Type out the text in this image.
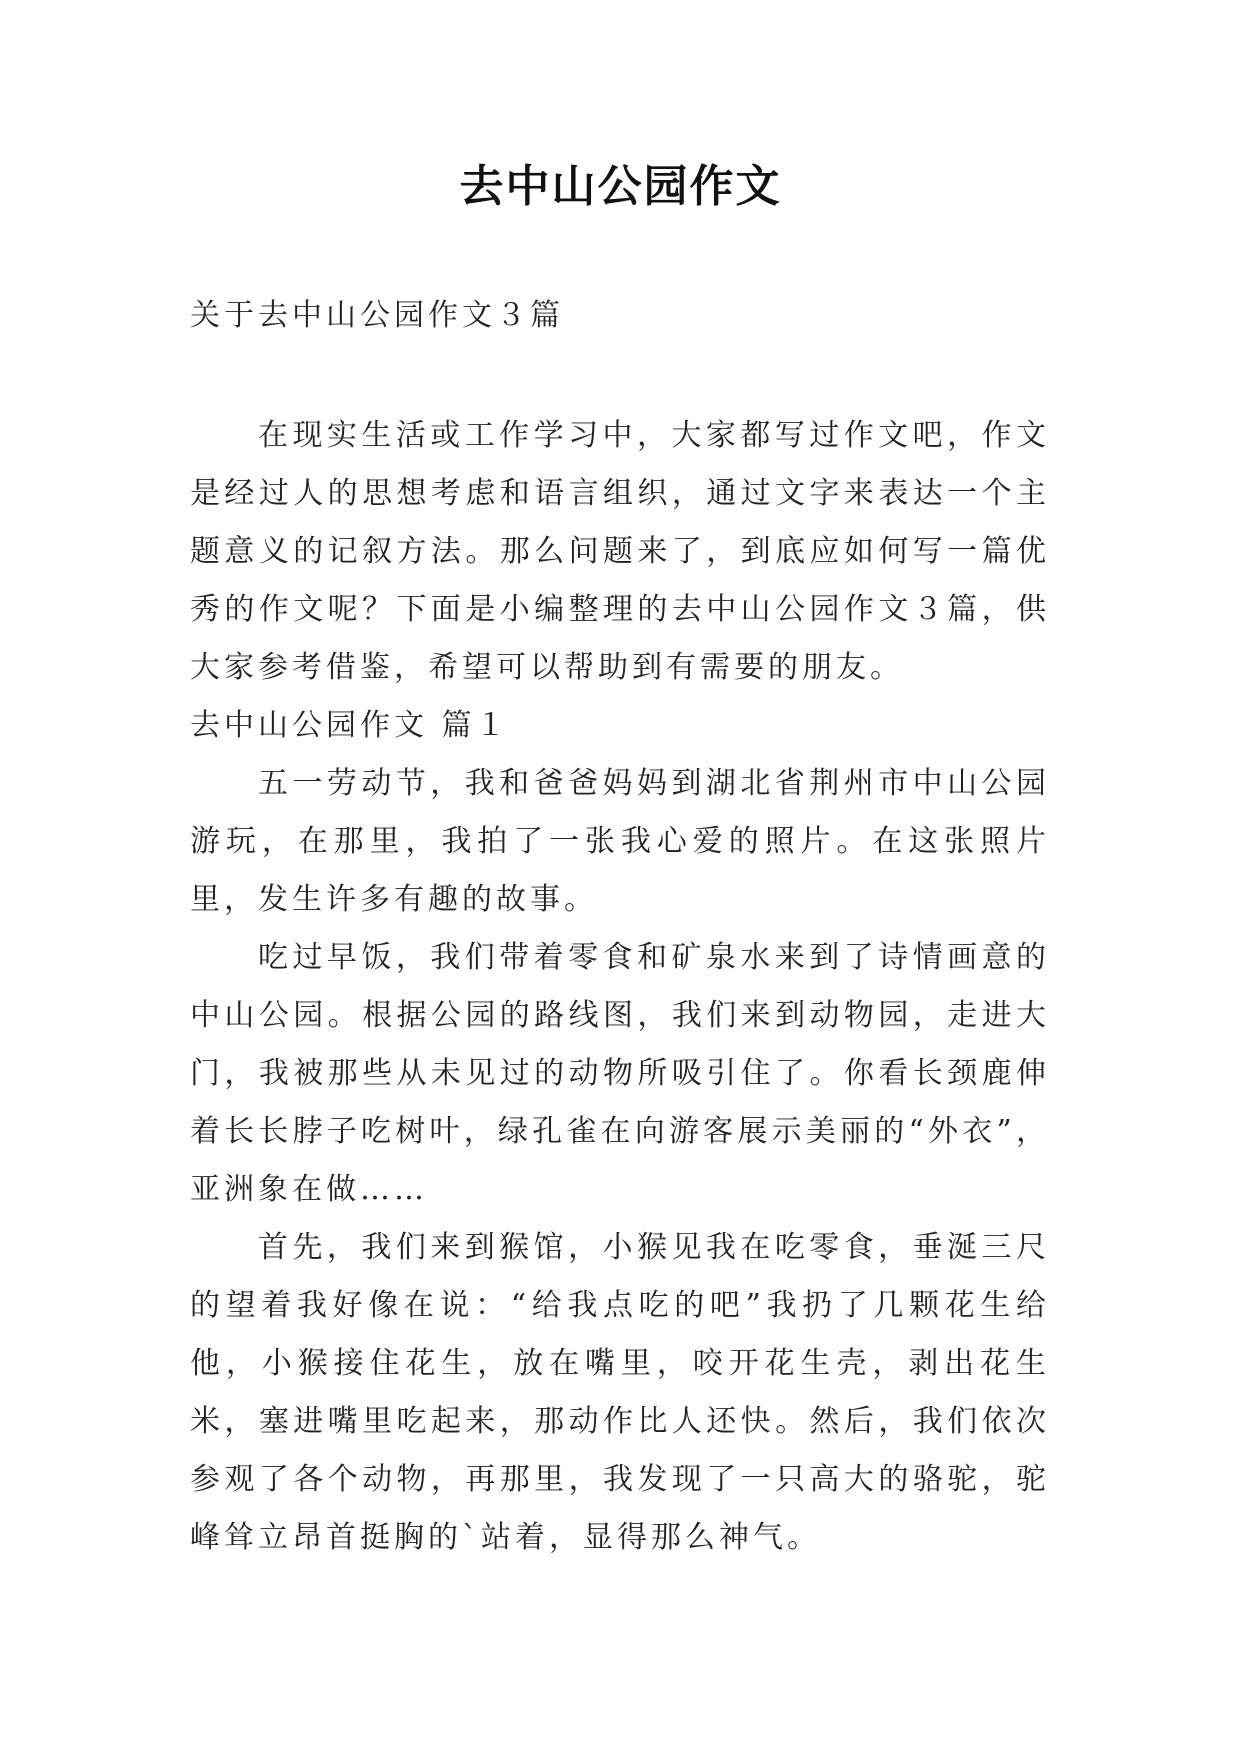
去中山公园作文

关于去中山公园作文３篇

在现实生活或工作学习中，大家都写过作文吧，作文是经过人的思想考虑和语言组织，通过文字来表达一个主题意义的记叙方法。那么问题来了，到底应如何写一篇优秀的作文呢？下面是小编整理的去中山公园作文３篇，供大家参考借鉴，希望可以帮助到有需要的朋友。

去中山公园作文 篇１

五一劳动节，我和爸爸妈妈到湖北省荆州市中山公园游玩，在那里，我拍了一张我心爱的照片。在这张照片里，发生许多有趣的故事。

吃过早饭，我们带着零食和矿泉水来到了诗情画意的中山公园。根据公园的路线图，我们来到动物园，走进大门，我被那些从未见过的动物所吸引住了。你看长颈鹿伸着长长脖子吃树叶，绿孔雀在向游客展示美丽的“外衣”，亚洲象在做……

首先，我们来到猴馆，小猴见我在吃零食，垂涎三尺的望着我好像在说：“给我点吃的吧”我扔了几颗花生给他，小猴接住花生，放在嘴里，咬开花生壳，剥出花生米，塞进嘴里吃起来，那动作比人还快。然后，我们依次参观了各个动物，再那里，我发现了一只高大的骆驼，驼峰耸立昂首挺胸的`站着，显得那么神气。
